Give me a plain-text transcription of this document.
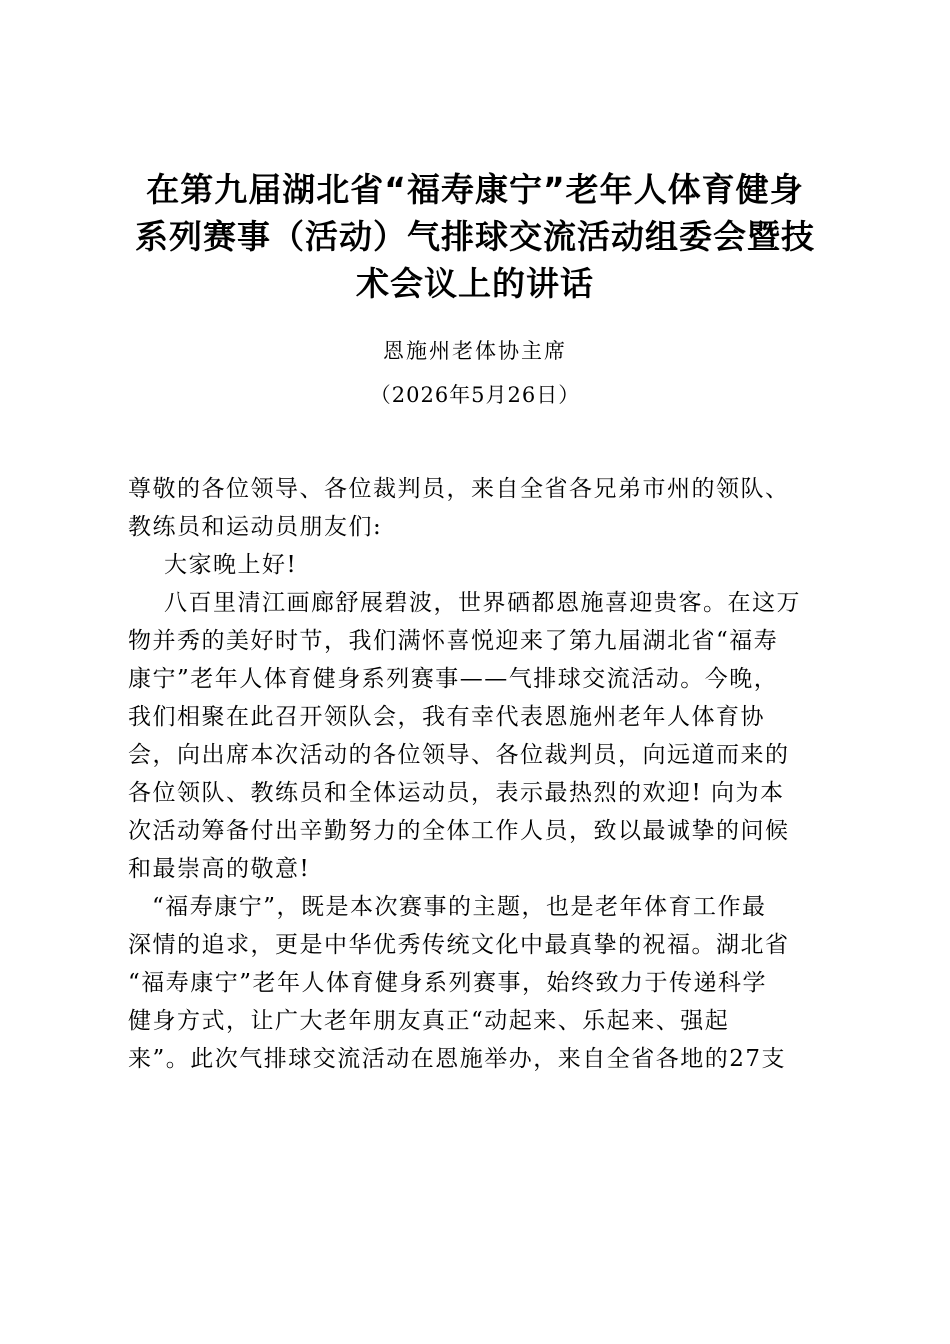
在第九届湖北省“福寿康宁”老年人体育健身
系列赛事（活动）气排球交流活动组委会暨技
术会议上的讲话
恩施州老体协主席
（2026年5月26日）
尊敬的各位领导、各位裁判员，来自全省各兄弟市州的领队、
教练员和运动员朋友们:
大家晚上好!
八百里清江画廊舒展碧波，世界硒都恩施喜迎贵客。在这万
物并秀的美好时节，我们满怀喜悦迎来了第九届湖北省“福寿
康宁”老年人体育健身系列赛事——气排球交流活动。今晚，
我们相聚在此召开领队会，我有幸代表恩施州老年人体育协
会，向出席本次活动的各位领导、各位裁判员，向远道而来的
各位领队、教练员和全体运动员，表示最热烈的欢迎! 向为本
次活动筹备付出辛勤努力的全体工作人员，致以最诚挚的问候
和最崇高的敬意!
“福寿康宁”，既是本次赛事的主题，也是老年体育工作最
深情的追求，更是中华优秀传统文化中最真挚的祝福。湖北省
“福寿康宁”老年人体育健身系列赛事，始终致力于传递科学
健身方式，让广大老年朋友真正“动起来、乐起来、强起
来”。此次气排球交流活动在恩施举办，来自全省各地的27支
